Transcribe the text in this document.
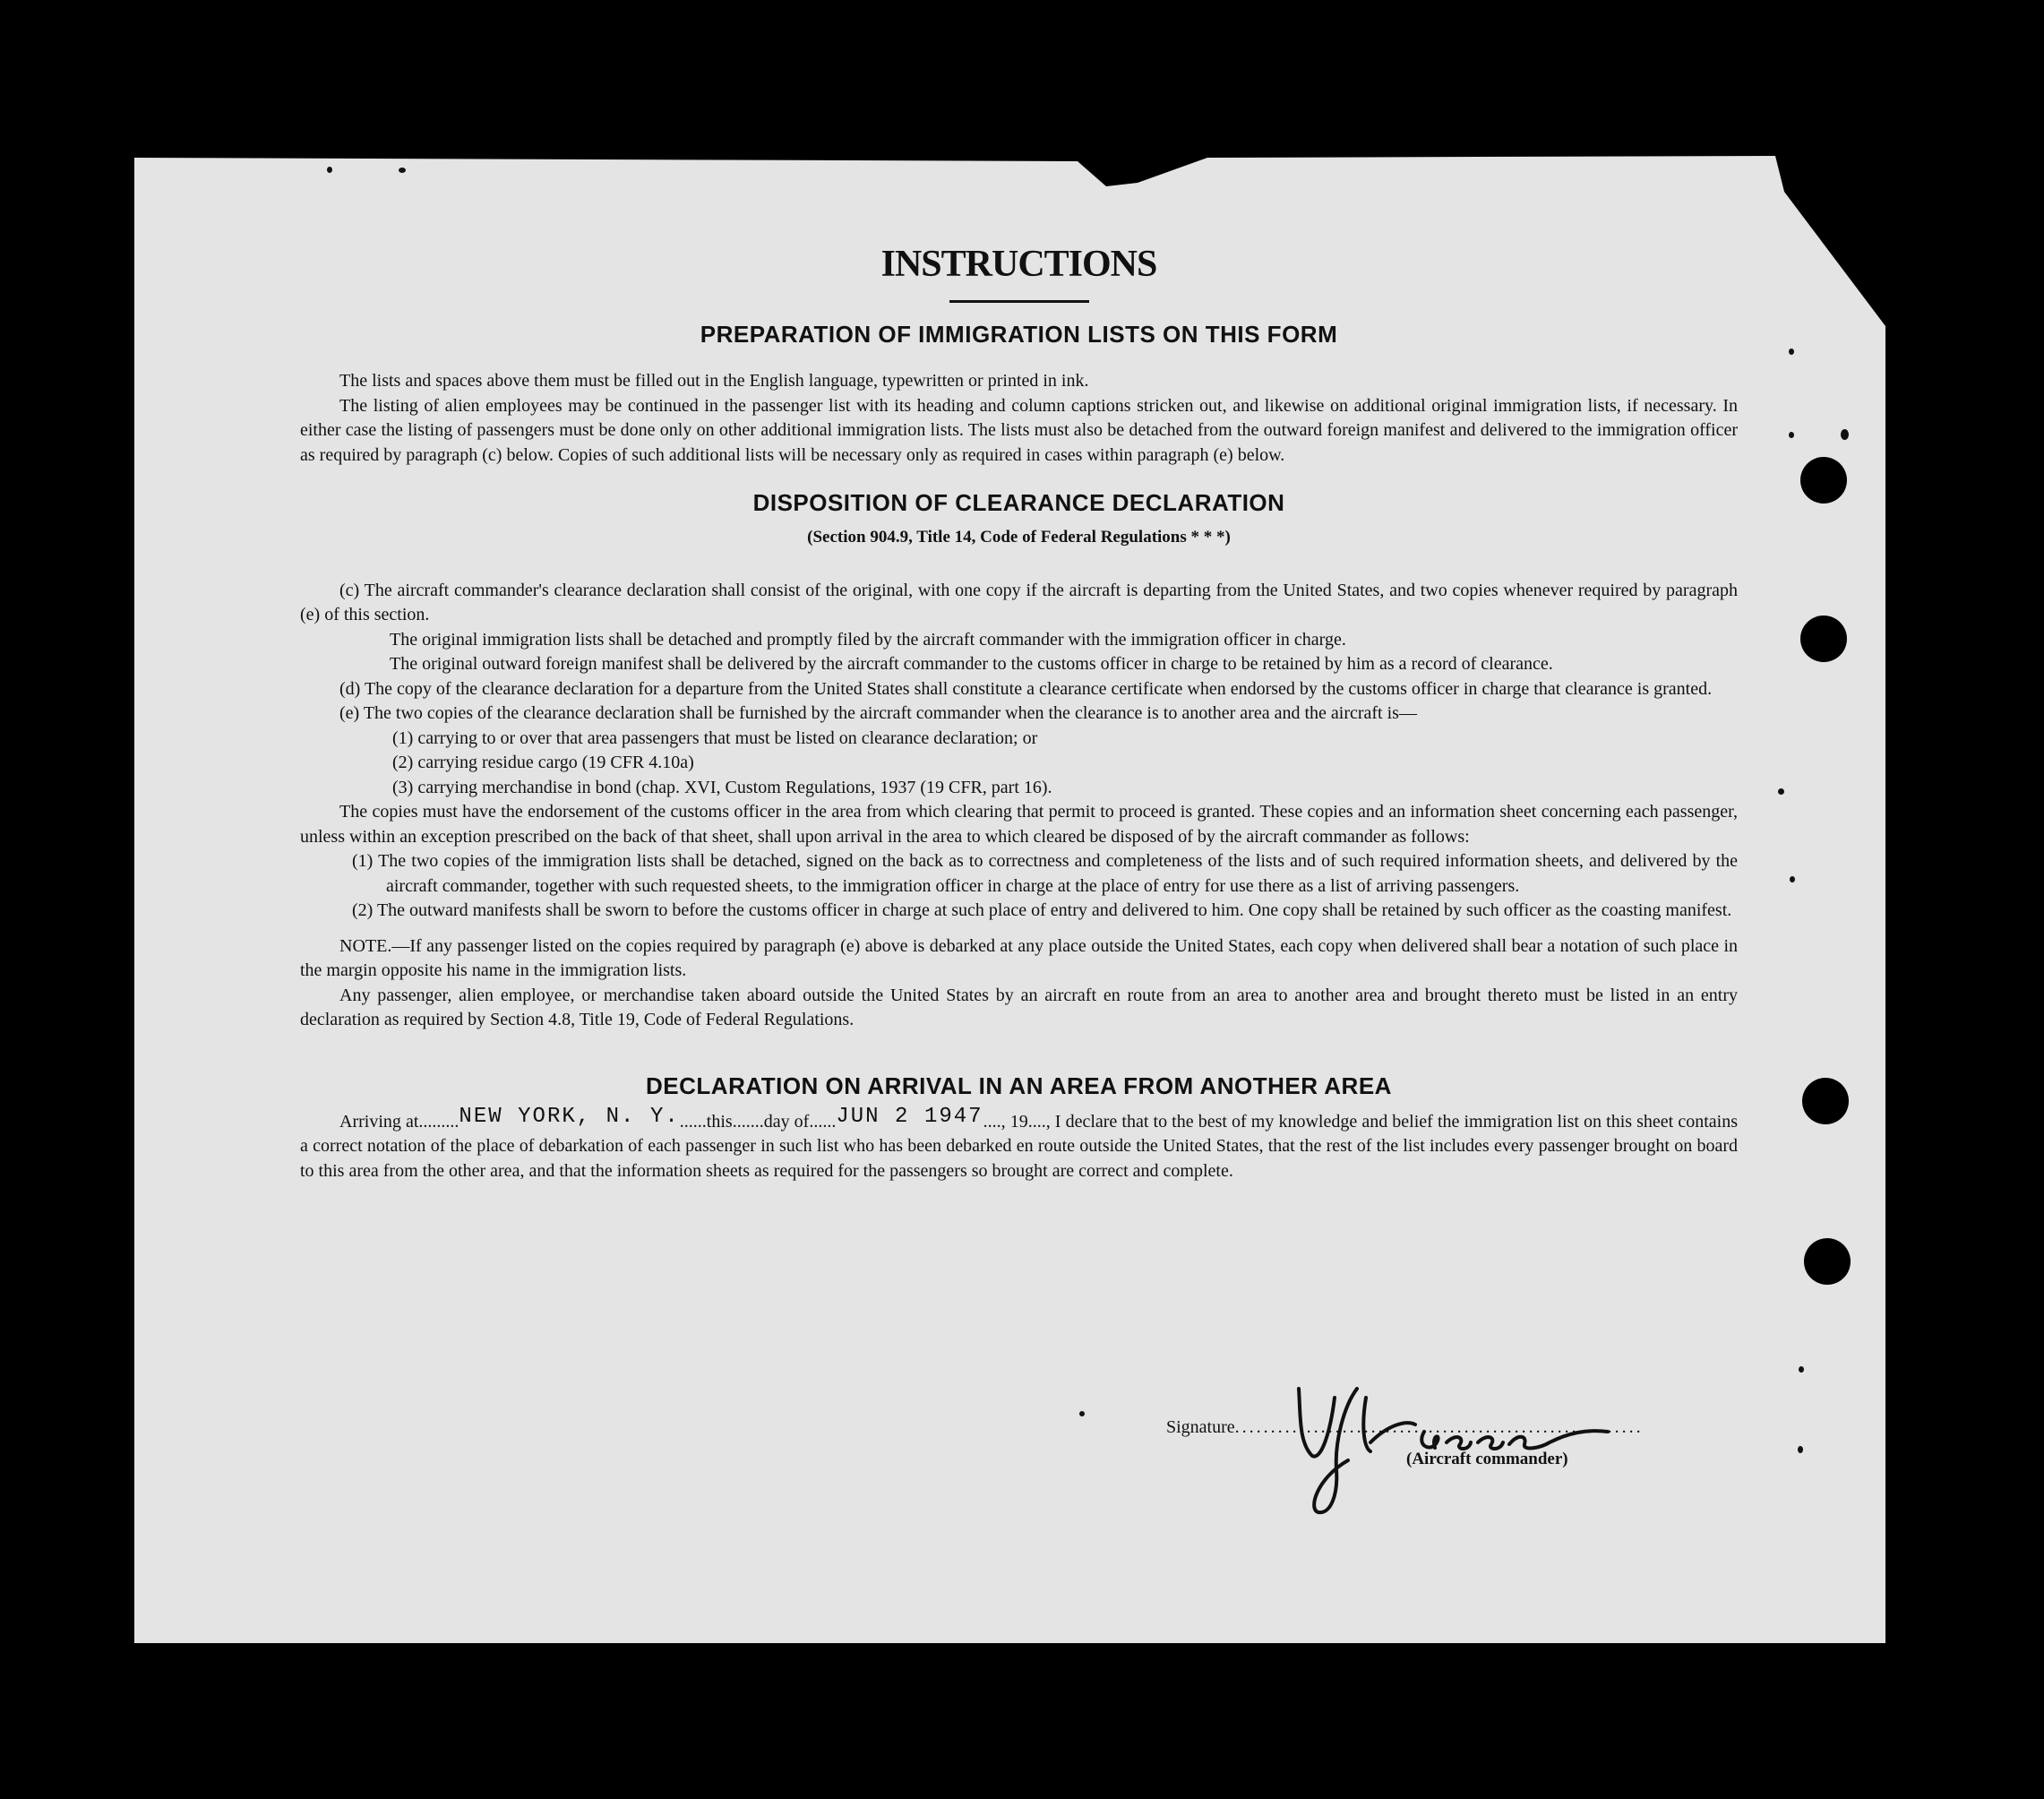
INSTRUCTIONS
PREPARATION OF IMMIGRATION LISTS ON THIS FORM

The lists and spaces above them must be filled out in the English language, typewritten or printed in ink.

The listing of alien employees may be continued in the passenger list with its heading and column captions stricken out, and likewise on additional original immigration lists, if necessary. In either case the listing of passengers must be done only on other additional immigration lists. The lists must also be detached from the outward foreign manifest and delivered to the immigration officer as required by paragraph (c) below. Copies of such additional lists will be necessary only as required in cases within paragraph (e) below.

DISPOSITION OF CLEARANCE DECLARATION
(Section 904.9, Title 14, Code of Federal Regulations * * *)

(c) The aircraft commander's clearance declaration shall consist of the original, with one copy if the aircraft is departing from the United States, and two copies whenever required by paragraph (e) of this section.

The original immigration lists shall be detached and promptly filed by the aircraft commander with the immigration officer in charge.

The original outward foreign manifest shall be delivered by the aircraft commander to the customs officer in charge to be retained by him as a record of clearance.

(d) The copy of the clearance declaration for a departure from the United States shall constitute a clearance certificate when endorsed by the customs officer in charge that clearance is granted.

(e) The two copies of the clearance declaration shall be furnished by the aircraft commander when the clearance is to another area and the aircraft is—

(1) carrying to or over that area passengers that must be listed on clearance declaration; or

(2) carrying residue cargo (19 CFR 4.10a)

(3) carrying merchandise in bond (chap. XVI, Custom Regulations, 1937 (19 CFR, part 16).

The copies must have the endorsement of the customs officer in the area from which clearing that permit to proceed is granted. These copies and an information sheet concerning each passenger, unless within an exception prescribed on the back of that sheet, shall upon arrival in the area to which cleared be disposed of by the aircraft commander as follows:

(1) The two copies of the immigration lists shall be detached, signed on the back as to correctness and completeness of the lists and of such required information sheets, and delivered by the aircraft commander, together with such requested sheets, to the immigration officer in charge at the place of entry for use there as a list of arriving passengers.

(2) The outward manifests shall be sworn to before the customs officer in charge at such place of entry and delivered to him. One copy shall be retained by such officer as the coasting manifest.

NOTE.—If any passenger listed on the copies required by paragraph (e) above is debarked at any place outside the United States, each copy when delivered shall bear a notation of such place in the margin opposite his name in the immigration lists.

Any passenger, alien employee, or merchandise taken aboard outside the United States by an aircraft en route from an area to another area and brought thereto must be listed in an entry declaration as required by Section 4.8, Title 19, Code of Federal Regulations.

DECLARATION ON ARRIVAL IN AN AREA FROM ANOTHER AREA

Arriving at.........NEW YORK, N. Y.......this.......day of......JUN 2 1947...., 19...., I declare that to the best of my knowledge and belief the immigration list on this sheet contains a correct notation of the place of debarkation of each passenger in such list who has been debarked en route outside the United States, that the rest of the list includes every passenger brought on board to this area from the other area, and that the information sheets as required for the passengers so brought are correct and complete.

Signature.........................................................
(Aircraft commander)
